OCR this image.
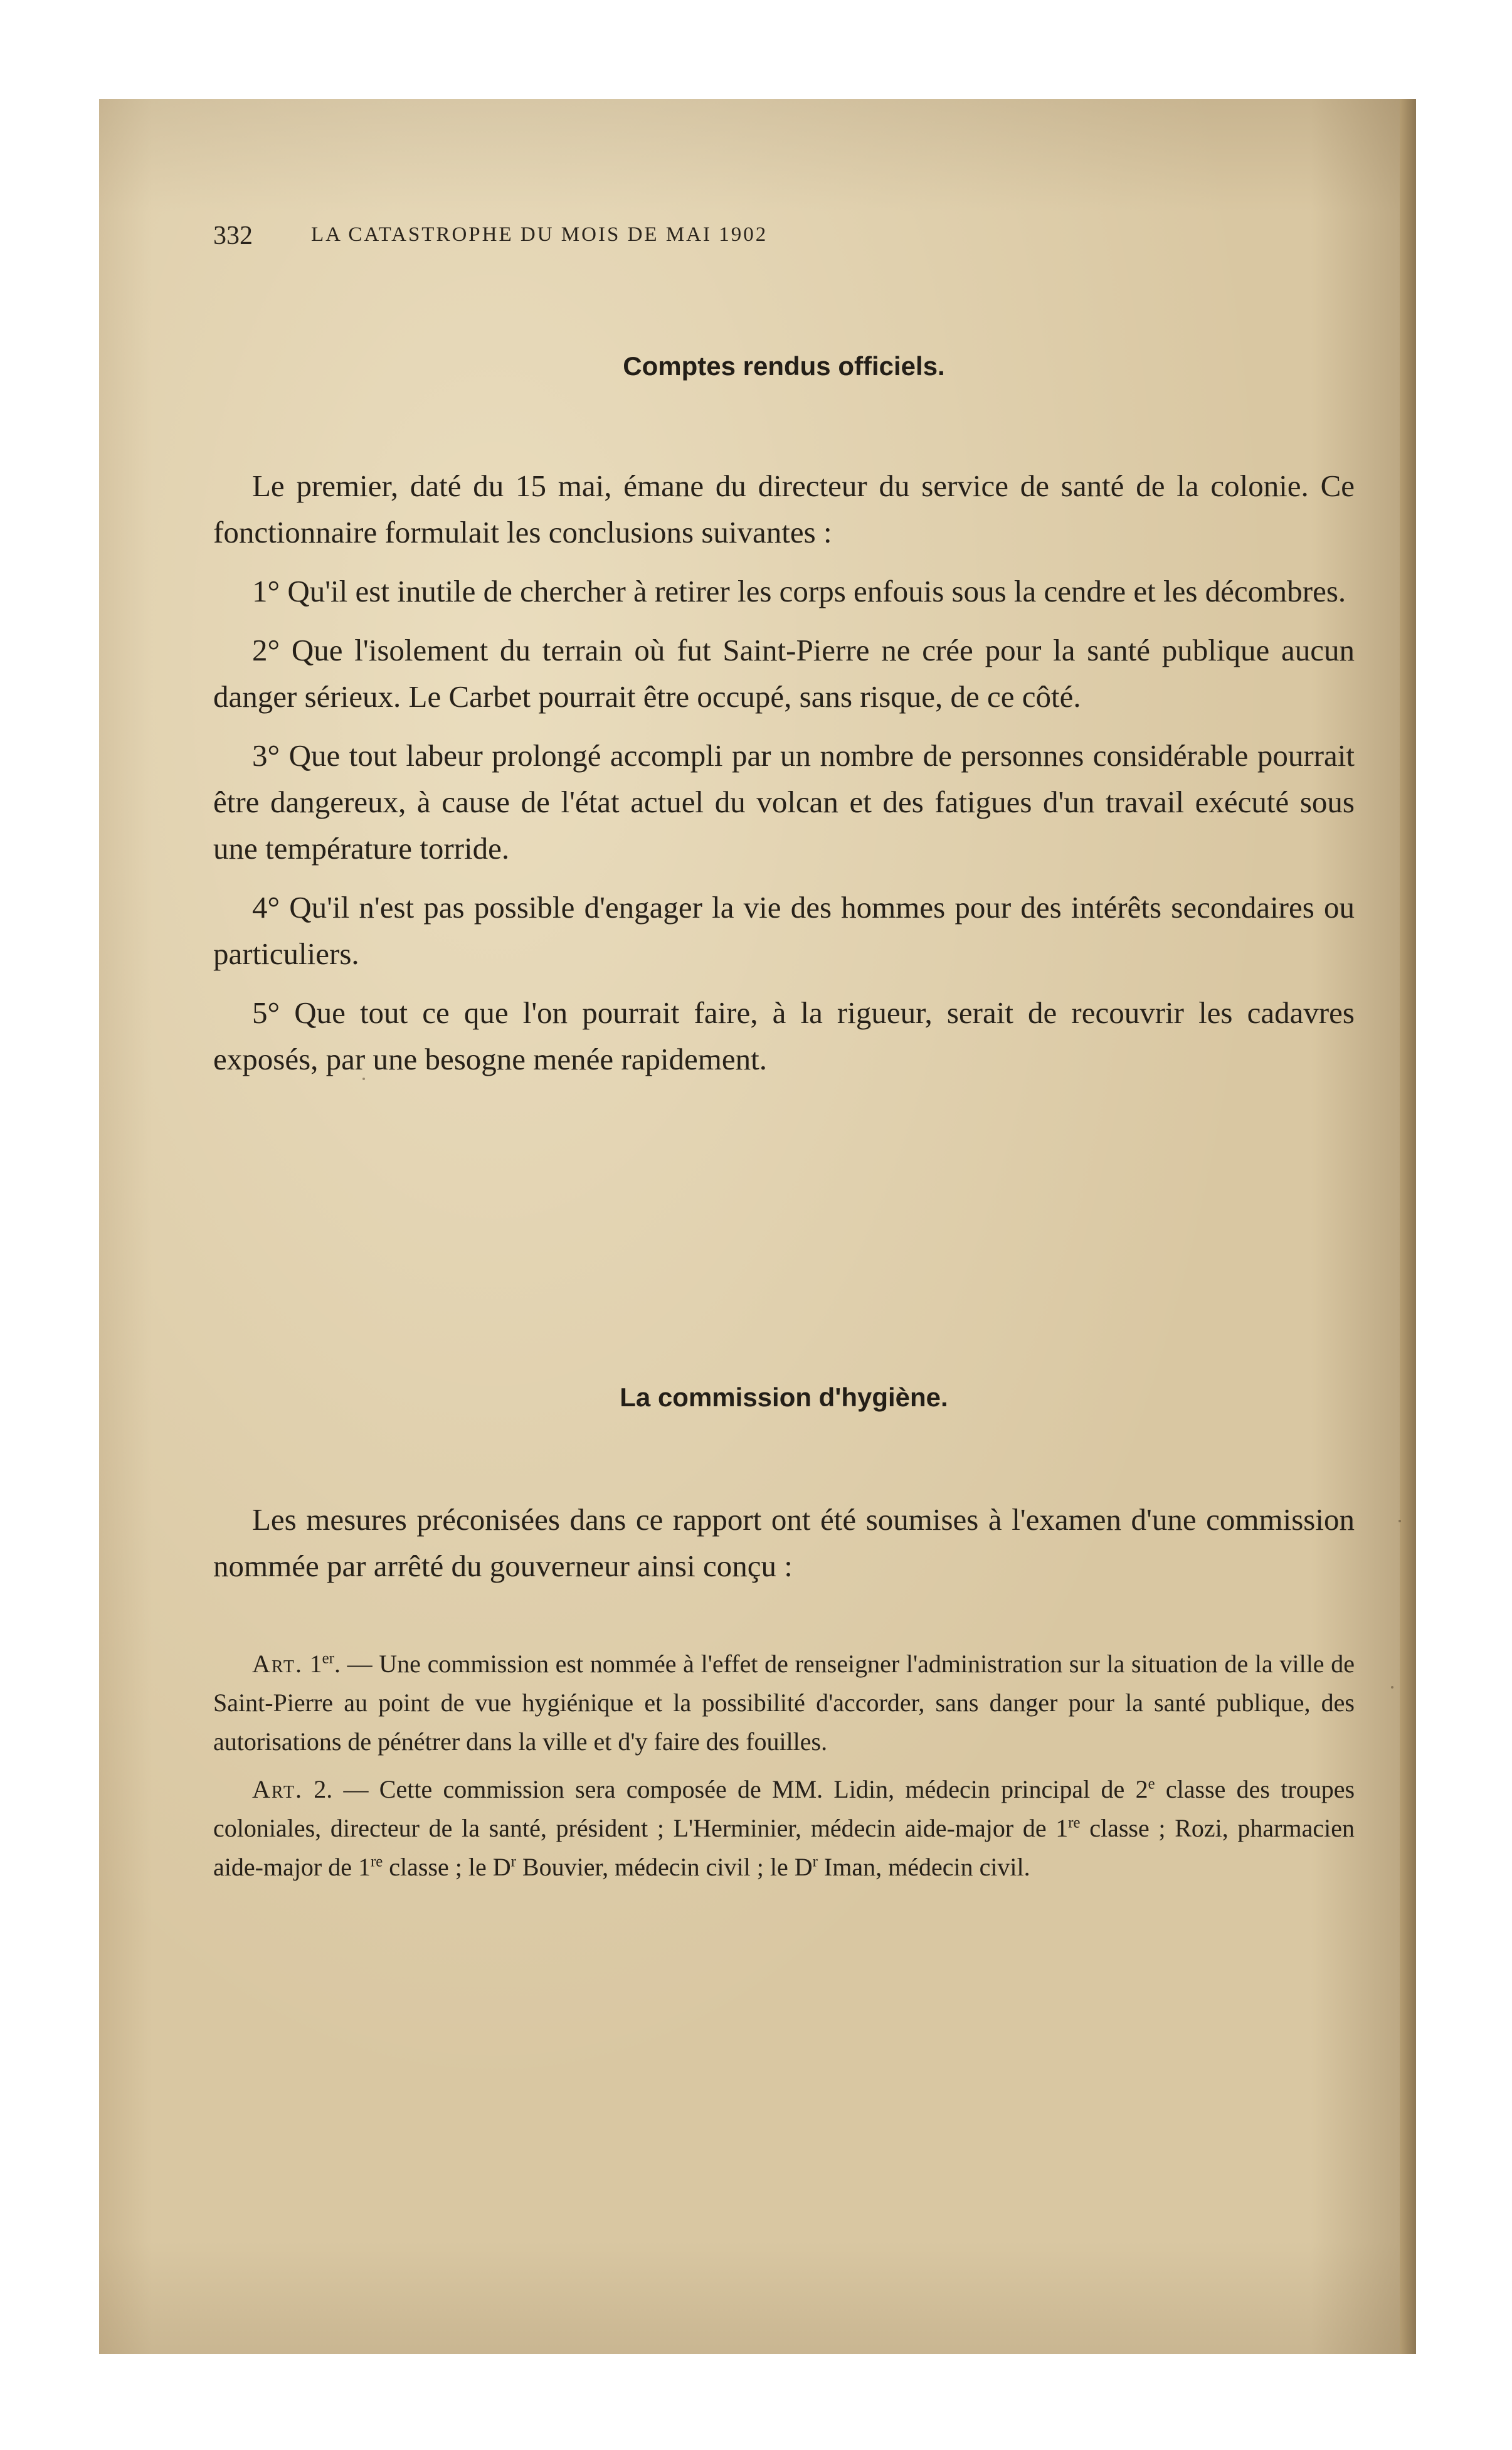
332	LA CATASTROPHE DU MOIS DE MAI 1902
Comptes rendus officiels.

Le premier, daté du 15 mai, émane du directeur du service de santé de la colonie. Ce fonctionnaire formulait les conclusions suivantes :

1° Qu'il est inutile de chercher à retirer les corps enfouis sous la cendre et les décombres.

2° Que l'isolement du terrain où fut Saint-Pierre ne crée pour la santé publique aucun danger sérieux. Le Carbet pourrait être occupé, sans risque, de ce côté.

3° Que tout labeur prolongé accompli par un nombre de personnes considérable pourrait être dangereux, à cause de l'état actuel du volcan et des fatigues d'un travail exécuté sous une température torride.

4° Qu'il n'est pas possible d'engager la vie des hommes pour des intérêts secondaires ou particuliers.

5° Que tout ce que l'on pourrait faire, à la rigueur, serait de recouvrir les cadavres exposés, par une besogne menée rapidement.

La commission d'hygiène.

Les mesures préconisées dans ce rapport ont été soumises à l'examen d'une commission nommée par arrêté du gouverneur ainsi conçu :

Art. 1er. — Une commission est nommée à l'effet de renseigner l'administration sur la situation de la ville de Saint-Pierre au point de vue hygiénique et la possibilité d'accorder, sans danger pour la santé publique, des autorisations de pénétrer dans la ville et d'y faire des fouilles.

Art. 2. — Cette commission sera composée de MM. Lidin, médecin principal de 2e classe des troupes coloniales, directeur de la santé, président ; L'Herminier, médecin aide-major de 1re classe ; Rozi, pharmacien aide-major de 1re classe ; le $D^r$ Bouvier, médecin civil ; le $D^r$ Iman, médecin civil.
